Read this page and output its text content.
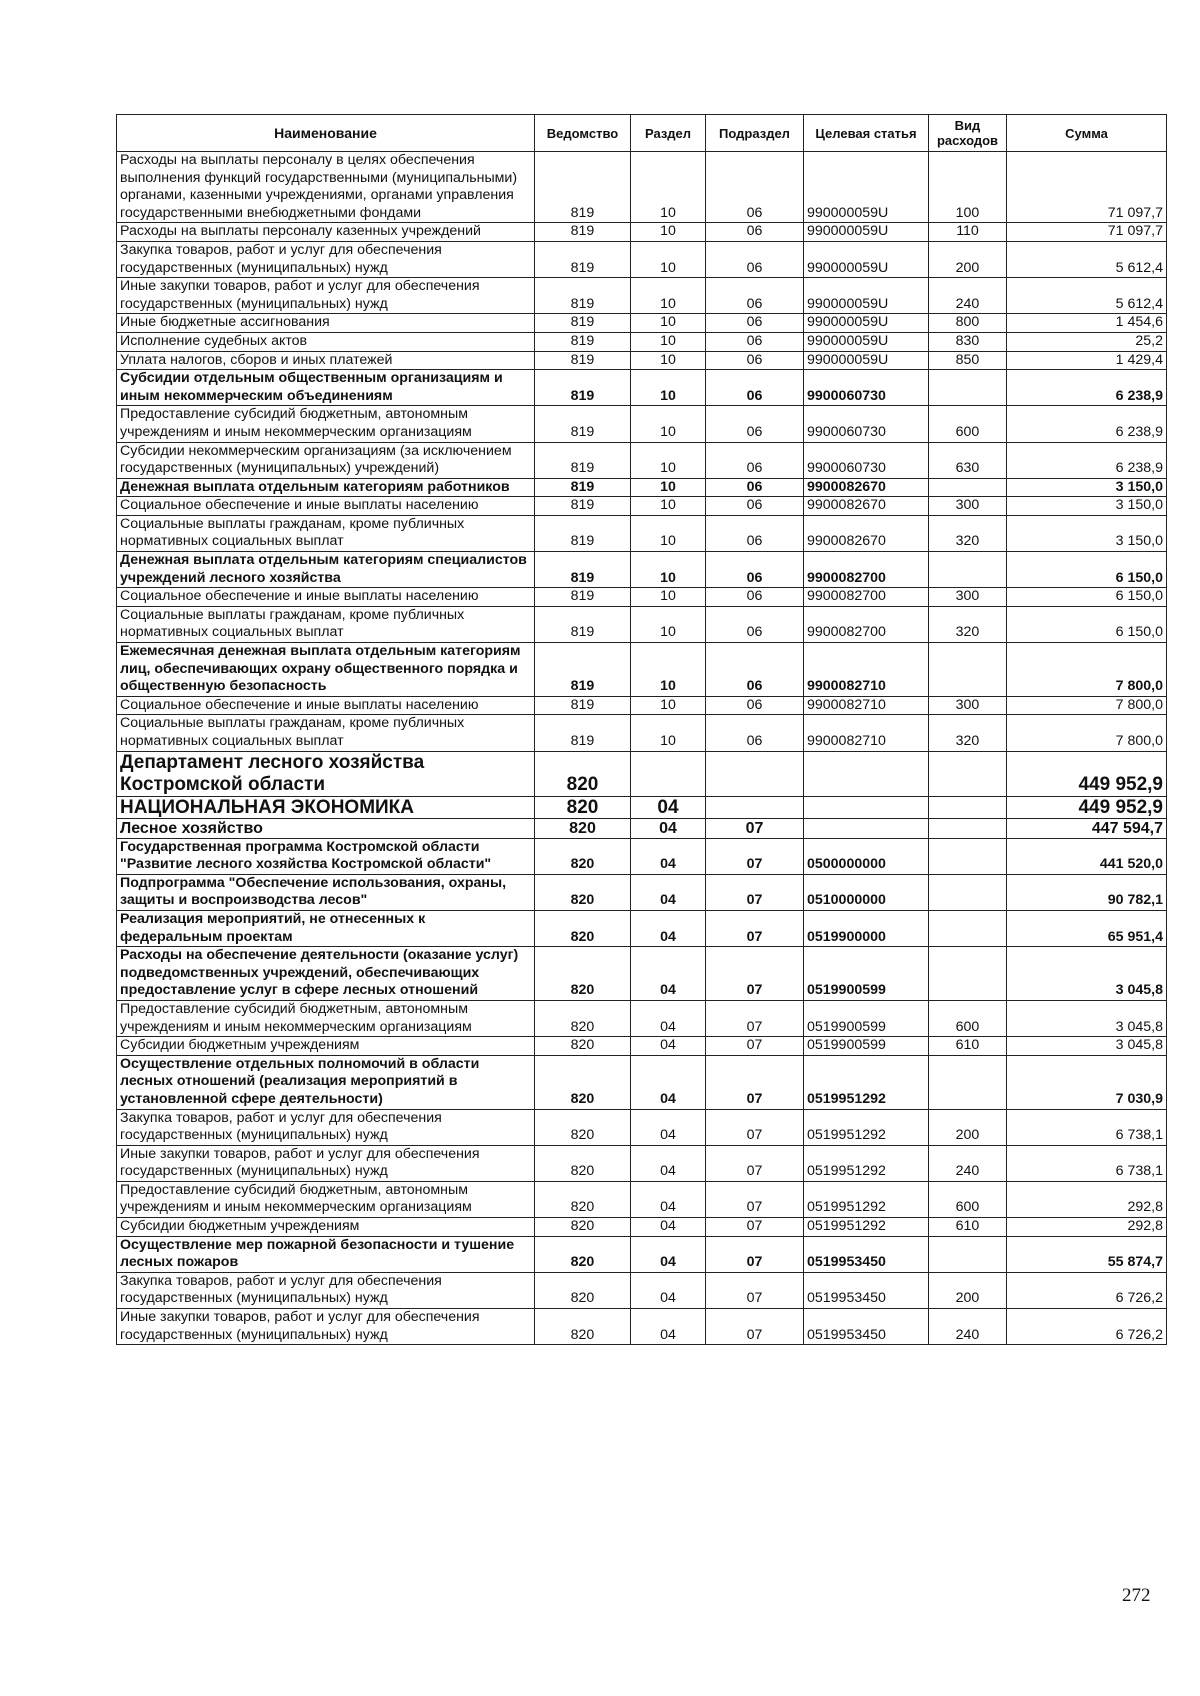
Наименование	Ведомство	Раздел	Подраздел	Целевая статья	Вид расходов	Сумма
Расходы на выплаты персоналу в целях обеспечения выполнения функций государственными (муниципальными) органами, казенными учреждениями, органами управления государственными внебюджетными фондами	819	10	06	990000059U	100	71 097,7
Расходы на выплаты персоналу казенных учреждений	819	10	06	990000059U	110	71 097,7
Закупка товаров, работ и услуг для обеспечения государственных (муниципальных) нужд	819	10	06	990000059U	200	5 612,4
Иные закупки товаров, работ и услуг для обеспечения государственных (муниципальных) нужд	819	10	06	990000059U	240	5 612,4
Иные бюджетные ассигнования	819	10	06	990000059U	800	1 454,6
Исполнение судебных актов	819	10	06	990000059U	830	25,2
Уплата налогов, сборов и иных платежей	819	10	06	990000059U	850	1 429,4
Субсидии отдельным общественным организациям и иным некоммерческим объединениям	819	10	06	9900060730		6 238,9
Предоставление субсидий бюджетным, автономным учреждениям и иным некоммерческим организациям	819	10	06	9900060730	600	6 238,9
Субсидии некоммерческим организациям (за исключением государственных (муниципальных) учреждений)	819	10	06	9900060730	630	6 238,9
Денежная выплата отдельным категориям работников	819	10	06	9900082670		3 150,0
Социальное обеспечение и иные выплаты населению	819	10	06	9900082670	300	3 150,0
Социальные выплаты гражданам, кроме публичных нормативных социальных выплат	819	10	06	9900082670	320	3 150,0
Денежная выплата отдельным категориям специалистов учреждений лесного хозяйства	819	10	06	9900082700		6 150,0
Социальное обеспечение и иные выплаты населению	819	10	06	9900082700	300	6 150,0
Социальные выплаты гражданам, кроме публичных нормативных социальных выплат	819	10	06	9900082700	320	6 150,0
Ежемесячная денежная выплата отдельным категориям лиц, обеспечивающих охрану общественного порядка и общественную безопасность	819	10	06	9900082710		7 800,0
Социальное обеспечение и иные выплаты населению	819	10	06	9900082710	300	7 800,0
Социальные выплаты гражданам, кроме публичных нормативных социальных выплат	819	10	06	9900082710	320	7 800,0
Департамент лесного хозяйства Костромской области	820					449 952,9
НАЦИОНАЛЬНАЯ ЭКОНОМИКА	820	04				449 952,9
Лесное хозяйство	820	04	07			447 594,7
Государственная программа Костромской области "Развитие лесного хозяйства Костромской области"	820	04	07	0500000000		441 520,0
Подпрограмма "Обеспечение использования, охраны, защиты и воспроизводства лесов"	820	04	07	0510000000		90 782,1
Реализация мероприятий, не отнесенных к федеральным проектам	820	04	07	0519900000		65 951,4
Расходы на обеспечение деятельности (оказание услуг) подведомственных учреждений, обеспечивающих предоставление услуг в сфере лесных отношений	820	04	07	0519900599		3 045,8
Предоставление субсидий бюджетным, автономным учреждениям и иным некоммерческим организациям	820	04	07	0519900599	600	3 045,8
Субсидии бюджетным учреждениям	820	04	07	0519900599	610	3 045,8
Осуществление отдельных полномочий в области лесных отношений (реализация мероприятий в установленной сфере деятельности)	820	04	07	0519951292		7 030,9
Закупка товаров, работ и услуг для обеспечения государственных (муниципальных) нужд	820	04	07	0519951292	200	6 738,1
Иные закупки товаров, работ и услуг для обеспечения государственных (муниципальных) нужд	820	04	07	0519951292	240	6 738,1
Предоставление субсидий бюджетным, автономным учреждениям и иным некоммерческим организациям	820	04	07	0519951292	600	292,8
Субсидии бюджетным учреждениям	820	04	07	0519951292	610	292,8
Осуществление мер пожарной безопасности и тушение лесных пожаров	820	04	07	0519953450		55 874,7
Закупка товаров, работ и услуг для обеспечения государственных (муниципальных) нужд	820	04	07	0519953450	200	6 726,2
Иные закупки товаров, работ и услуг для обеспечения государственных (муниципальных) нужд	820	04	07	0519953450	240	6 726,2
272
